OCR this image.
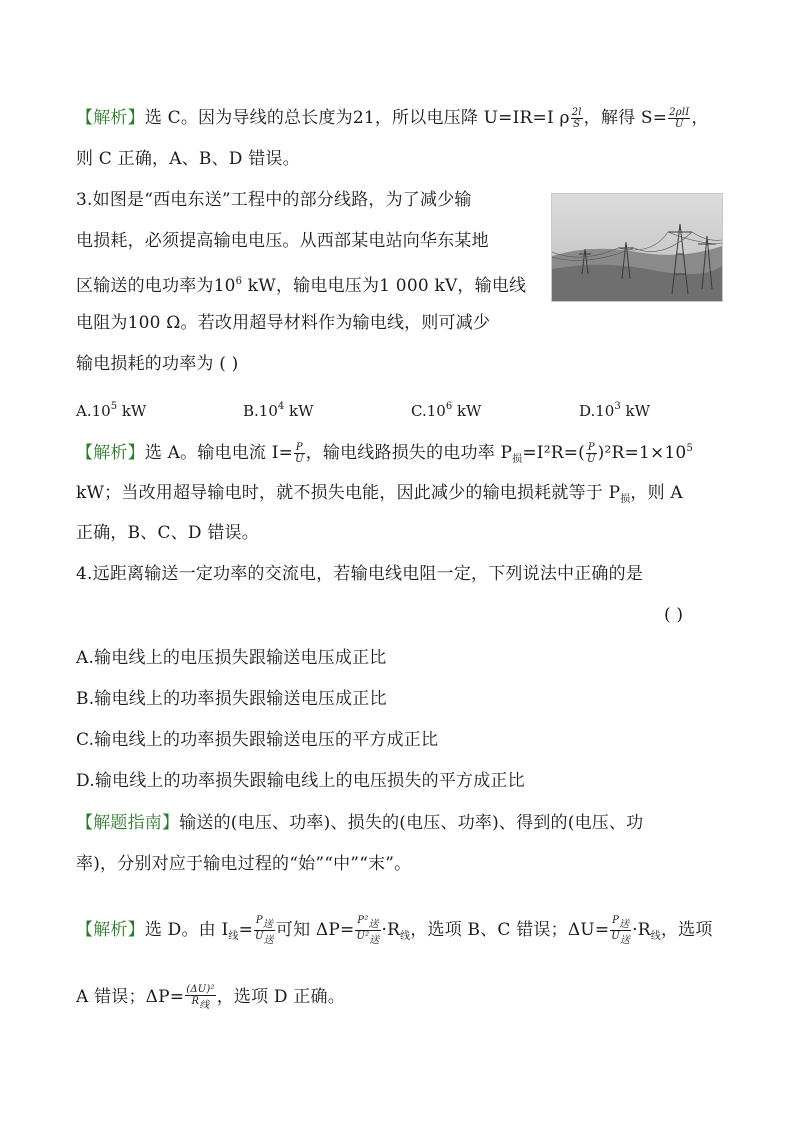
【解析】选 C。因为导线的总长度为21，所以电压降 U=IR=I ρ $\frac{2l}{S}$ ，解得 $S= \frac{\text{2ρlI}}{U}$ ，
则 C 正确，A、B、D 错误。
3.如图是“西电东送”工程中的部分线路，为了减少输
电损耗，必须提高输电电压。从西部某电站向华东某地
区输送的电功率为$10^6$ kW，输电电压为1 000 kV，输电线
电阻为100 Ω。若改用超导材料作为输电线，则可减少
输电损耗的功率为 ( )
$A.10^5$ kW	$B.10^4$ kW	$C.10^6$ kW	$D.10^3$ kW
【解析】选 A。输电电流 $I= \frac{P}{U}$ ，输电线路损失的电功率 $P_损=I^2R=( \frac{P}{U} )^2R=1\times 10^5$
kW；当改用超导输电时，就不损失电能，因此减少的输电损耗就等于 $P_损$，则 A
正确，B、C、D 错误。
4.远距离输送一定功率的交流电，若输电线电阻一定，下列说法中正确的是
( )
A.输电线上的电压损失跟输送电压成正比
B.输电线上的功率损失跟输送电压成正比
C.输电线上的功率损失跟输送电压的平方成正比
D.输电线上的功率损失跟输电线上的电压损失的平方成正比
【解题指南】输送的(电压、功率)、损失的(电压、功率)、得到的(电压、功
率)，分别对应于输电过程的“始”“中”“末”。
【解析】选 D。由 $I_线= \frac{\text{P送}}{\text{U送}}$ 可知 $\Delta P= \frac{\text{P²送}}{\text{U²送}} \cdot R_线$，选项 B、C 错误；$\Delta U= \frac{\text{P送}}{\text{U送}} \cdot R_线$，选项
A 错误；$\Delta P= \frac{\text{(ΔU)²}}{\text{R线}}$ ，选项 D 正确。
